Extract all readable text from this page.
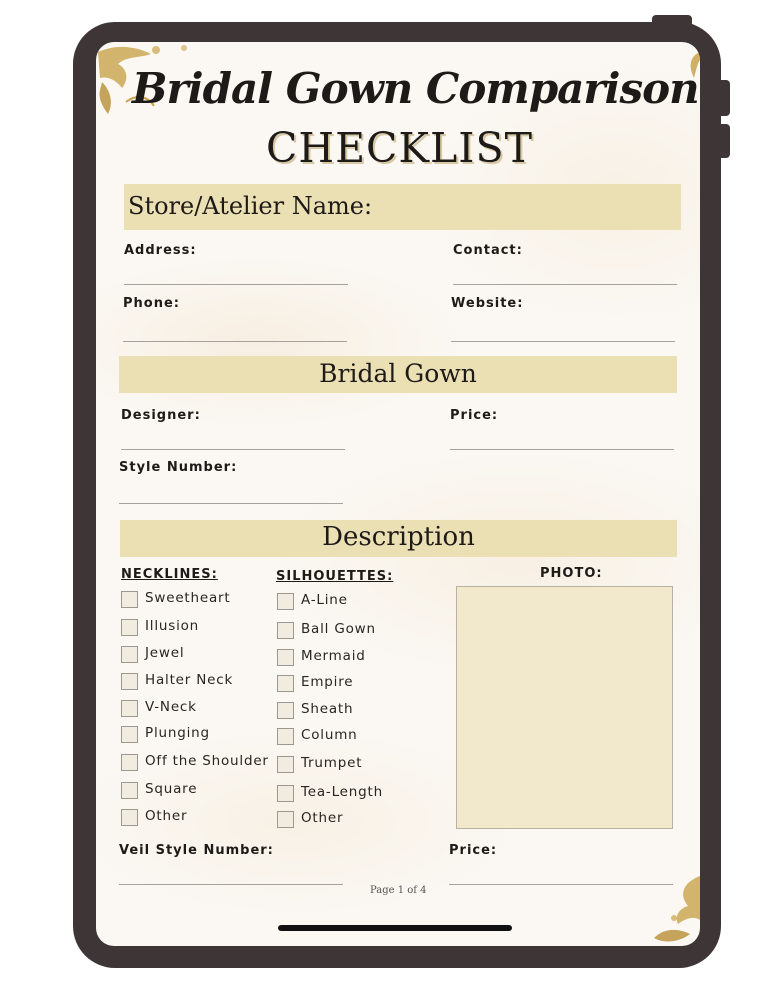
Bridal Gown Comparison
CHECKLIST
Store/Atelier Name:
Address:	Contact:
Phone:	Website:
Bridal Gown
Designer:	Price:
Style Number:
Description
NECKLINES:	SILHOUETTES:	PHOTO:
Sweetheart
Illusion
Jewel
Halter Neck
V-Neck
Plunging
Off the Shoulder
Square
Other
A-Line
Ball Gown
Mermaid
Empire
Sheath
Column
Trumpet
Tea-Length
Other
Veil Style Number:	Price:
Page 1 of 4
